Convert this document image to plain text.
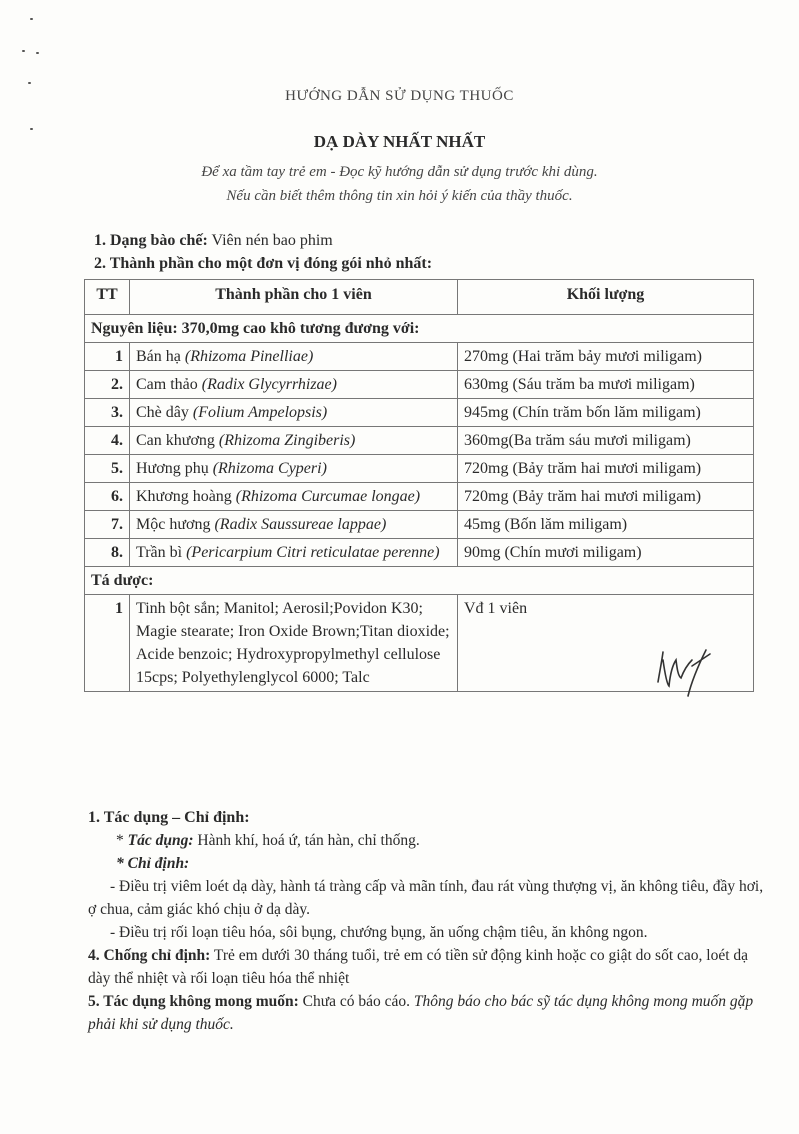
HƯỚNG DẪN SỬ DỤNG THUỐC
DẠ DÀY NHẤT NHẤT
Để xa tầm tay trẻ em - Đọc kỹ hướng dẫn sử dụng trước khi dùng.
Nếu cần biết thêm thông tin xin hỏi ý kiến của thầy thuốc.
1. Dạng bào chế: Viên nén bao phim
2. Thành phần cho một đơn vị đóng gói nhỏ nhất:
TT	Thành phần cho 1 viên	Khối lượng
Nguyên liệu: 370,0mg cao khô tương đương với:		
1	Bán hạ (Rhizoma Pinelliae)	270mg (Hai trăm bảy mươi miligam)
2.	Cam thảo (Radix Glycyrrhizae)	630mg (Sáu trăm ba mươi miligam)
3.	Chè dây (Folium Ampelopsis)	945mg (Chín trăm bốn lăm miligam)
4.	Can khương (Rhizoma Zingiberis)	360mg(Ba trăm sáu mươi miligam)
5.	Hương phụ (Rhizoma Cyperi)	720mg (Bảy trăm hai mươi miligam)
6.	Khương hoàng (Rhizoma Curcumae longae)	720mg (Bảy trăm hai mươi miligam)
7.	Mộc hương (Radix Saussureae lappae)	45mg (Bốn lăm miligam)
8.	Trần bì (Pericarpium Citri reticulatae perenne)	90mg (Chín mươi miligam)
Tá dược:		
1	Tinh bột sắn; Manitol; Aerosil;Povidon K30; Magie stearate; Iron Oxide Brown;Titan dioxide; Acide benzoic; Hydroxypropylmethyl cellulose 15cps; Polyethylenglycol 6000; Talc	Vđ 1 viên
1. Tác dụng – Chỉ định:
* Tác dụng: Hành khí, hoá ứ, tán hàn, chỉ thống.
* Chỉ định:
- Điều trị viêm loét dạ dày, hành tá tràng cấp và mãn tính, đau rát vùng thượng vị, ăn không tiêu, đầy hơi, ợ chua, cảm giác khó chịu ở dạ dày.
- Điều trị rối loạn tiêu hóa, sôi bụng, chướng bụng, ăn uống chậm tiêu, ăn không ngon.
4. Chống chỉ định: Trẻ em dưới 30 tháng tuổi, trẻ em có tiền sử động kinh hoặc co giật do sốt cao, loét dạ dày thể nhiệt và rối loạn tiêu hóa thể nhiệt
5. Tác dụng không mong muốn: Chưa có báo cáo. Thông báo cho bác sỹ tác dụng không mong muốn gặp phải khi sử dụng thuốc.
